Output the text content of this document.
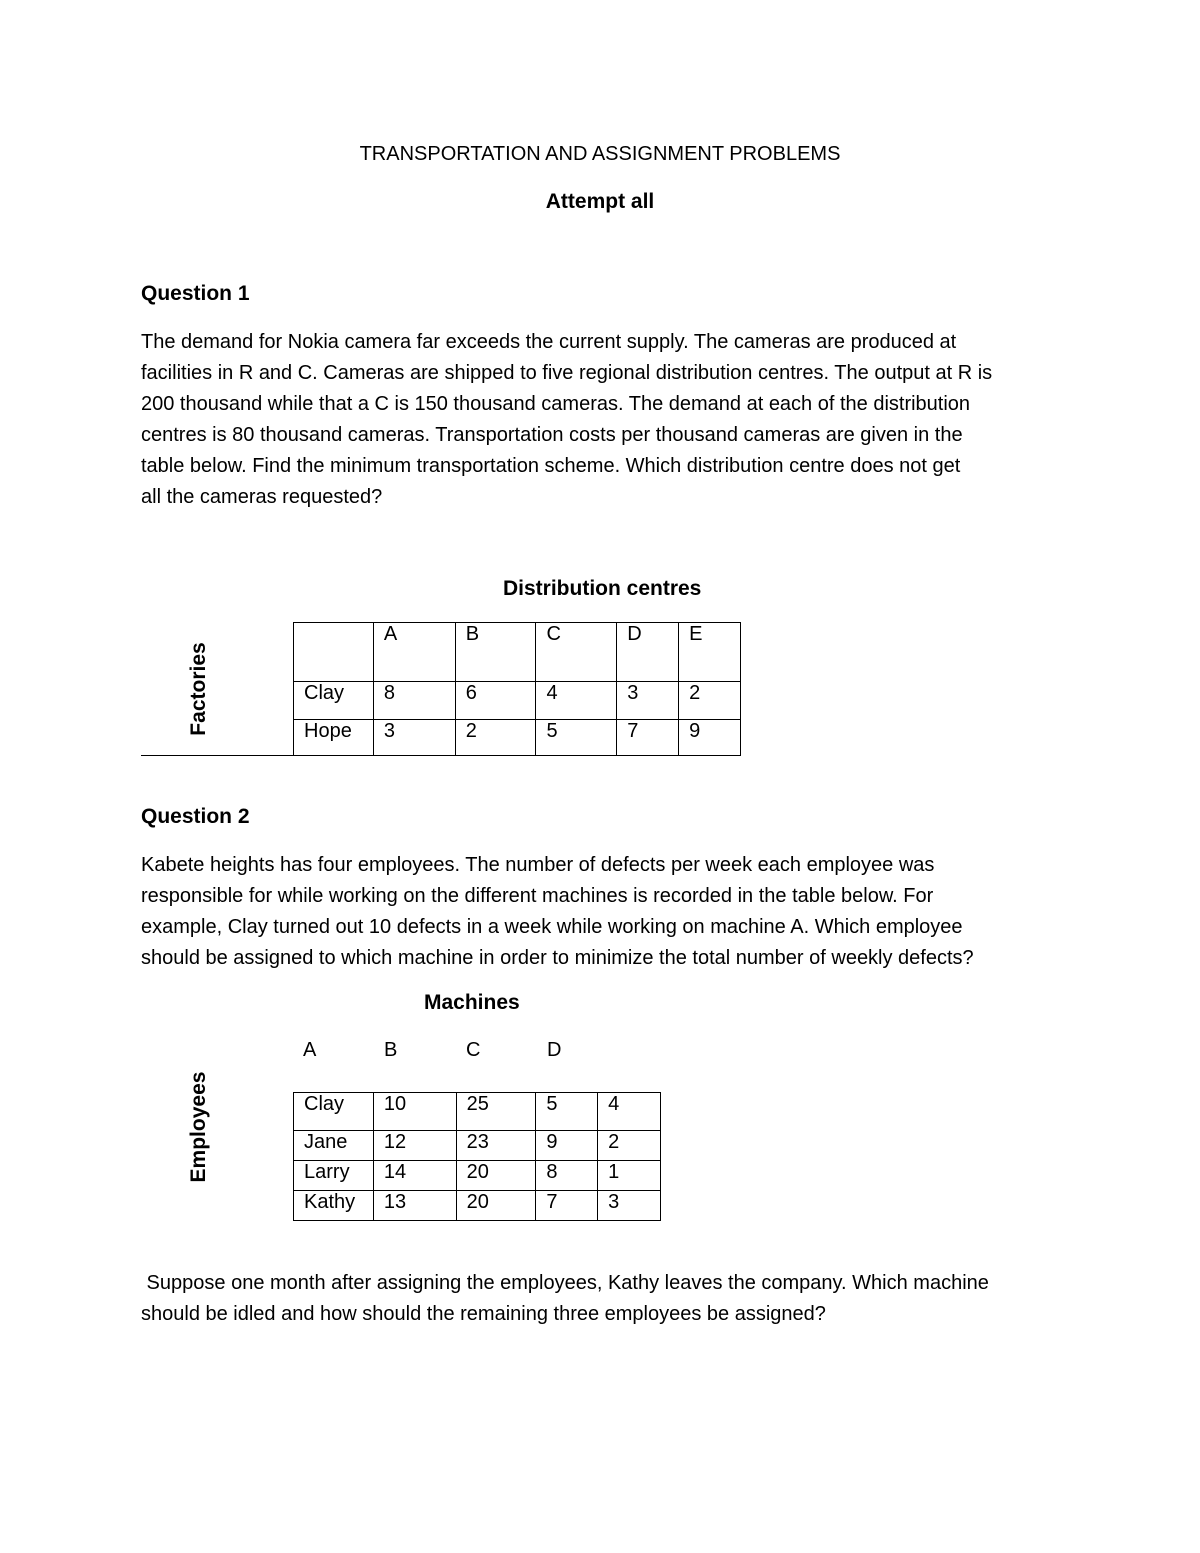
TRANSPORTATION AND ASSIGNMENT PROBLEMS
Attempt all
Question 1

The demand for Nokia camera far exceeds the current supply. The cameras are produced at

facilities in R and C. Cameras are shipped to five regional distribution centres. The output at R is

200 thousand while that a C is 150 thousand cameras. The demand at each of the distribution

centres is 80 thousand cameras. Transportation costs per thousand cameras are given in the

table below. Find the minimum transportation scheme. Which distribution centre does not get

all the cameras requested?

Distribution centres
Factories
	A	B	C	D	E
Clay	8	6	4	3	2
Hope	3	2	5	7	9
Question 2

Kabete heights has four employees. The number of defects per week each employee was

responsible for while working on the different machines is recorded in the table below. For

example, Clay turned out 10 defects in a week while working on machine A. Which employee

should be assigned to which machine in order to minimize the total number of weekly defects?

Machines
A	B	C	D
Employees	Clay	10	25	5	4
Jane	12	23	9	2
Larry	14	20	8	1
Kathy	13	20	7	3

Suppose one month after assigning the employees, Kathy leaves the company. Which machine

should be idled and how should the remaining three employees be assigned?
